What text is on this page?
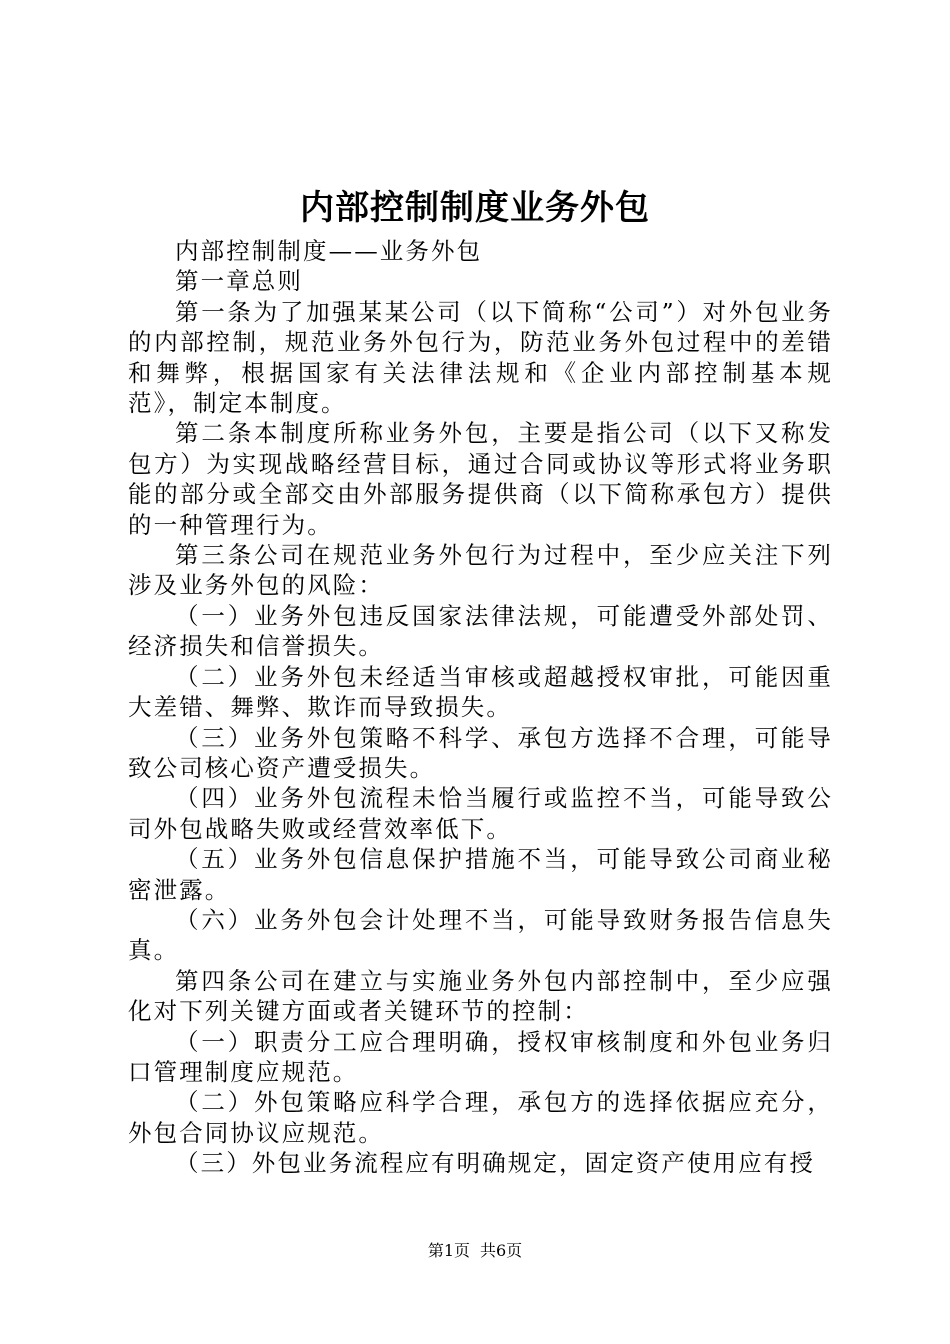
内部控制制度业务外包

内部控制制度——业务外包

第一章总则

第一条为了加强某某公司（以下简称“公司”）对外包业务的内部控制，规范业务外包行为，防范业务外包过程中的差错和舞弊，根据国家有关法律法规和《企业内部控制基本规范》，制定本制度。

第二条本制度所称业务外包，主要是指公司（以下又称发包方）为实现战略经营目标，通过合同或协议等形式将业务职能的部分或全部交由外部服务提供商（以下简称承包方）提供的一种管理行为。

第三条公司在规范业务外包行为过程中，至少应关注下列涉及业务外包的风险：

（一）业务外包违反国家法律法规，可能遭受外部处罚、经济损失和信誉损失。

（二）业务外包未经适当审核或超越授权审批，可能因重大差错、舞弊、欺诈而导致损失。

（三）业务外包策略不科学、承包方选择不合理，可能导致公司核心资产遭受损失。

（四）业务外包流程未恰当履行或监控不当，可能导致公司外包战略失败或经营效率低下。

（五）业务外包信息保护措施不当，可能导致公司商业秘密泄露。

（六）业务外包会计处理不当，可能导致财务报告信息失真。

第四条公司在建立与实施业务外包内部控制中，至少应强化对下列关键方面或者关键环节的控制：

（一）职责分工应合理明确，授权审核制度和外包业务归口管理制度应规范。

（二）外包策略应科学合理，承包方的选择依据应充分，外包合同协议应规范。

（三）外包业务流程应有明确规定，固定资产使用应有授

第1页 共6页
